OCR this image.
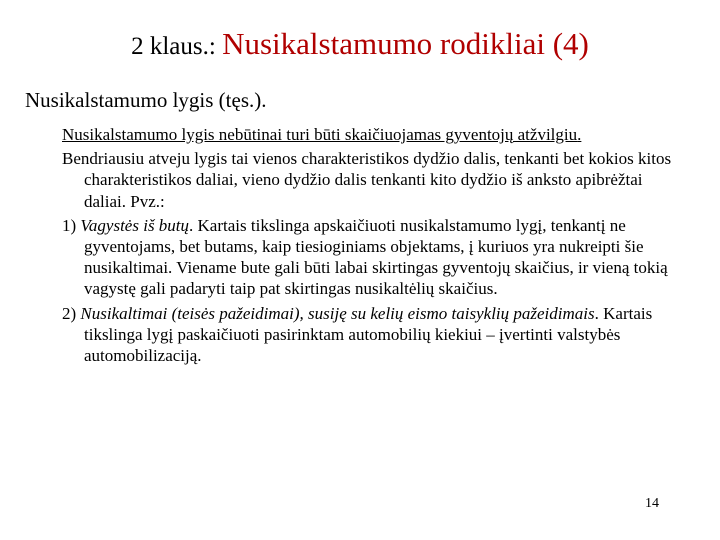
2 klaus.: Nusikalstamumo rodikliai (4)
Nusikalstamumo lygis (tęs.).

Nusikalstamumo lygis nebūtinai turi būti skaičiuojamas gyventojų atžvilgiu.

Bendriausiu atveju lygis tai vienos charakteristikos dydžio dalis, tenkanti bet kokios kitos charakteristikos daliai, vieno dydžio dalis tenkanti kito dydžio iš anksto apibrėžtai daliai. Pvz.:

1) Vagystės iš butų. Kartais tikslinga apskaičiuoti nusikalstamumo lygį, tenkantį ne gyventojams, bet butams, kaip tiesioginiams objektams, į kuriuos yra nukreipti šie nusikaltimai. Viename bute gali būti labai skirtingas gyventojų skaičius, ir vieną tokią vagystę gali padaryti taip pat skirtingas nusikaltėlių skaičius.

2) Nusikaltimai (teisės pažeidimai), susiję su kelių eismo taisyklių pažeidimais. Kartais tikslinga lygį paskaičiuoti pasirinktam automobilių kiekiui – įvertinti valstybės automobilizaciją.

14
